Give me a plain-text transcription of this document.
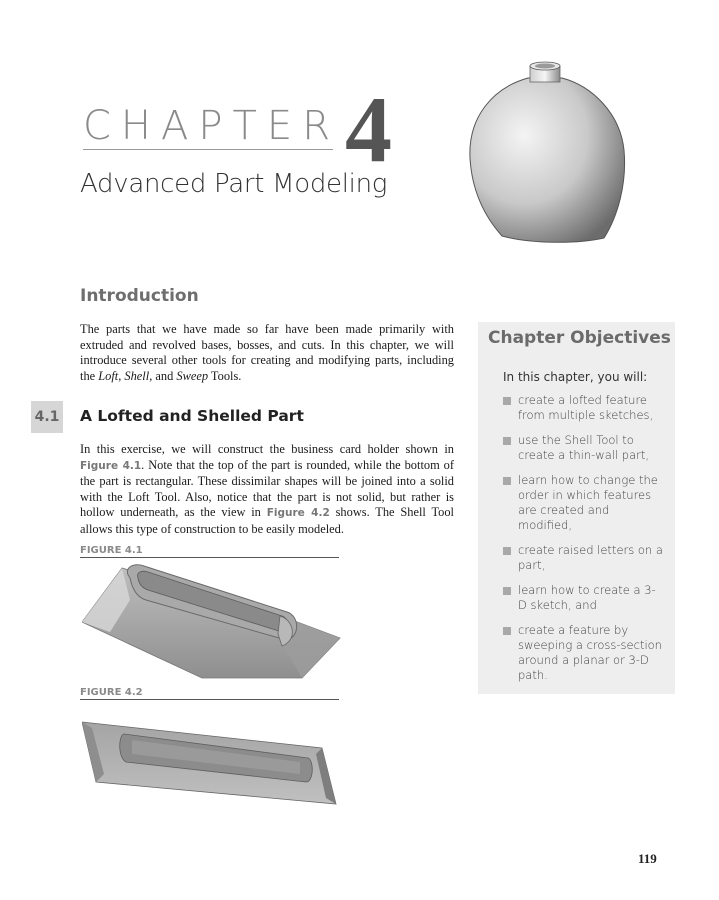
CHAPTER 4
Advanced Part Modeling
Introduction
The parts that we have made so far have been made primarily with extruded and revolved bases, bosses, and cuts. In this chapter, we will introduce several other tools for creating and modifying parts, including the Loft, Shell, and Sweep Tools.
4.1 A Lofted and Shelled Part
In this exercise, we will construct the business card holder shown in Figure 4.1. Note that the top of the part is rounded, while the bottom of the part is rectangular. These dissimilar shapes will be joined into a solid with the Loft Tool. Also, notice that the part is not solid, but rather is hollow underneath, as the view in Figure 4.2 shows. The Shell Tool allows this type of construction to be easily modeled.
FIGURE 4.1
FIGURE 4.2
Chapter Objectives
In this chapter, you will:
create a lofted feature from multiple sketches,
use the Shell Tool to create a thin-wall part,
learn how to change the order in which features are created and modified,
create raised letters on a part,
learn how to create a 3-D sketch, and
create a feature by sweeping a cross-section around a planar or 3-D path.
119
